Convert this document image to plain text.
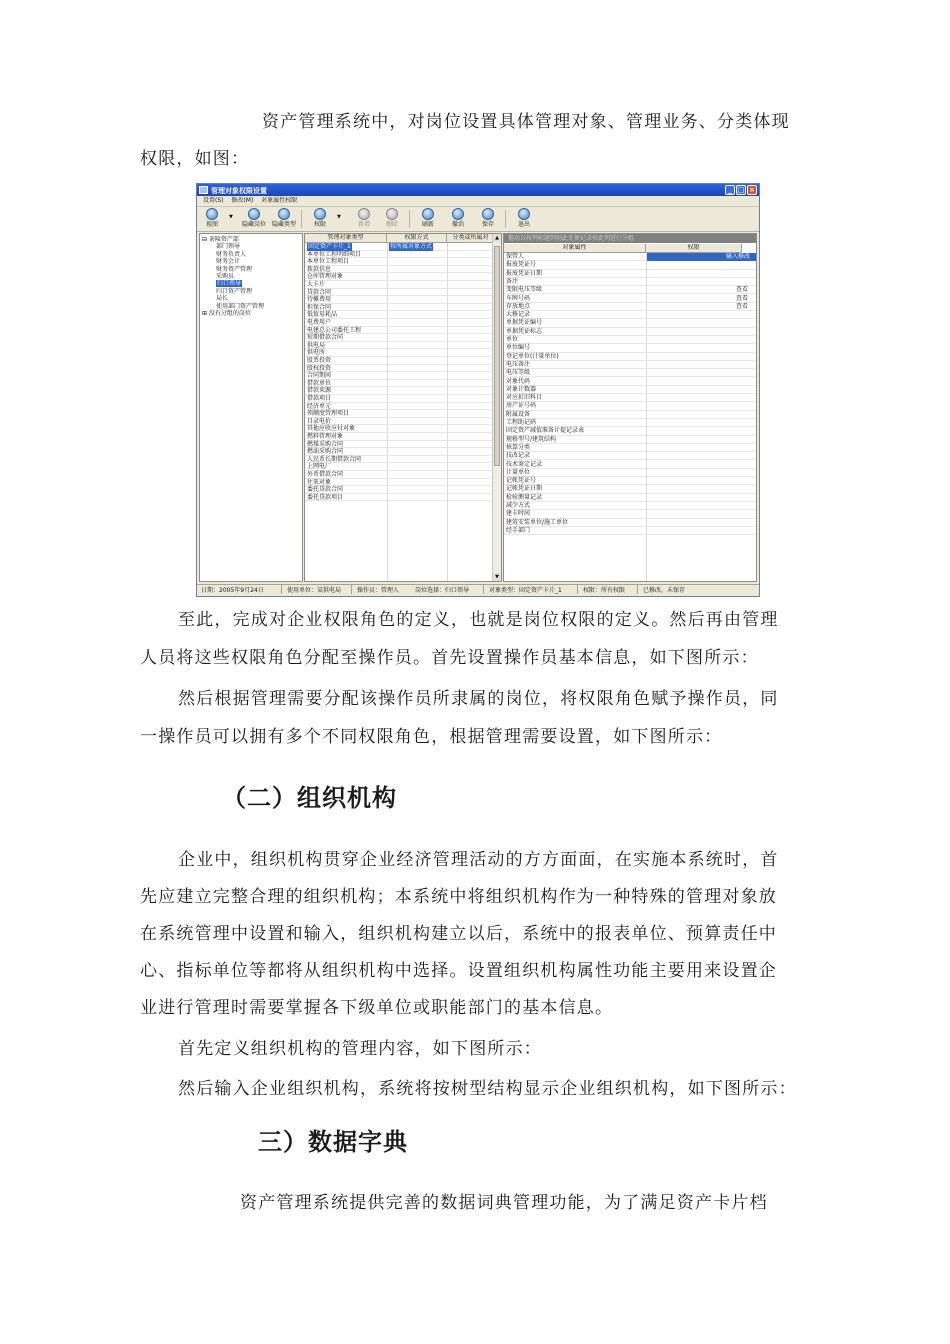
资产管理系统中，对岗位设置具体管理对象、管理业务、分类体现

权限，如图：

管理对象权限设置	_ □ ×
设置(S) 修改(M) 对象属性权限
视图
▼
隐藏岗位 隐藏类型	权限
▼
新增	删除	刷新	撤消	保存	退出
⊟ 茶陵资产部
部门领导
财务负责人
财务会计
财务资产管理
采购员
归口领导
归口资产管理
局长
使用部门资产管理
⊞ 没有分组的岗位
管理对象类型	权限方式	分类或所属对
固定资产卡片_1	按所属对象方式
本单位工程明细项目
本单位工程项目
拨款信息
仓库管理对象
大卡片
贷款合同
待摊费用
担保合同
低值易耗品
电费用户
电建总公司委托工程
短期借款合同
供电局
供电所
股票投资
股权投资
合同期间
借款单位
借款来源
借款项目
经济单元
领额度管理项目
目录电价
其他应收应付对象
燃料管理对象
燃煤采购合同
燃油采购合同
人民币长期借款合同
上网电厂
外币借款合同
往来对象
委托贷款合同
委托贷款项目
▲
▼
拖动以按列标题列别此处便记录按此列进行分组
对象属性	权限
保管人	输入修改
报废凭证号
报废凭证日期
备注
变限电压等级	查看
车牌号码	查看
存放地点	查看
大修记录
单据凭证编号
单据凭证标志
单位
单位编号
登记单位(计量单位)
电压备注
电压等级
对象代码
对象计数器
对应折旧科目
房产证号码
附属设备
工程助记码
固定资产减值准备计提记录表
规格型号/建筑结构
核算分类
技改记录
技术鉴定记录
计量单位
记帐凭证号
记帐凭证日期
检验测量记录
减少方式
建卡时间
建筑安装单位/施工单位
经手部门
日期：2005年9月24日	使用单位：某供电局	操作员：管理人	岗位选择：归口领导	对象类型：固定资产卡片_1	权限：所有权限	已修改，未保存

至此，完成对企业权限角色的定义，也就是岗位权限的定义。然后再由管理

人员将这些权限角色分配至操作员。首先设置操作员基本信息，如下图所示：

然后根据管理需要分配该操作员所隶属的岗位，将权限角色赋予操作员，同

一操作员可以拥有多个不同权限角色，根据管理需要设置，如下图所示：

（二）组织机构

企业中，组织机构贯穿企业经济管理活动的方方面面，在实施本系统时，首

先应建立完整合理的组织机构；本系统中将组织机构作为一种特殊的管理对象放

在系统管理中设置和输入，组织机构建立以后，系统中的报表单位、预算责任中

心、指标单位等都将从组织机构中选择。设置组织机构属性功能主要用来设置企

业进行管理时需要掌握各下级单位或职能部门的基本信息。

首先定义组织机构的管理内容，如下图所示：

然后输入企业组织机构，系统将按树型结构显示企业组织机构，如下图所示：

三）数据字典

资产管理系统提供完善的数据词典管理功能，为了满足资产卡片档
